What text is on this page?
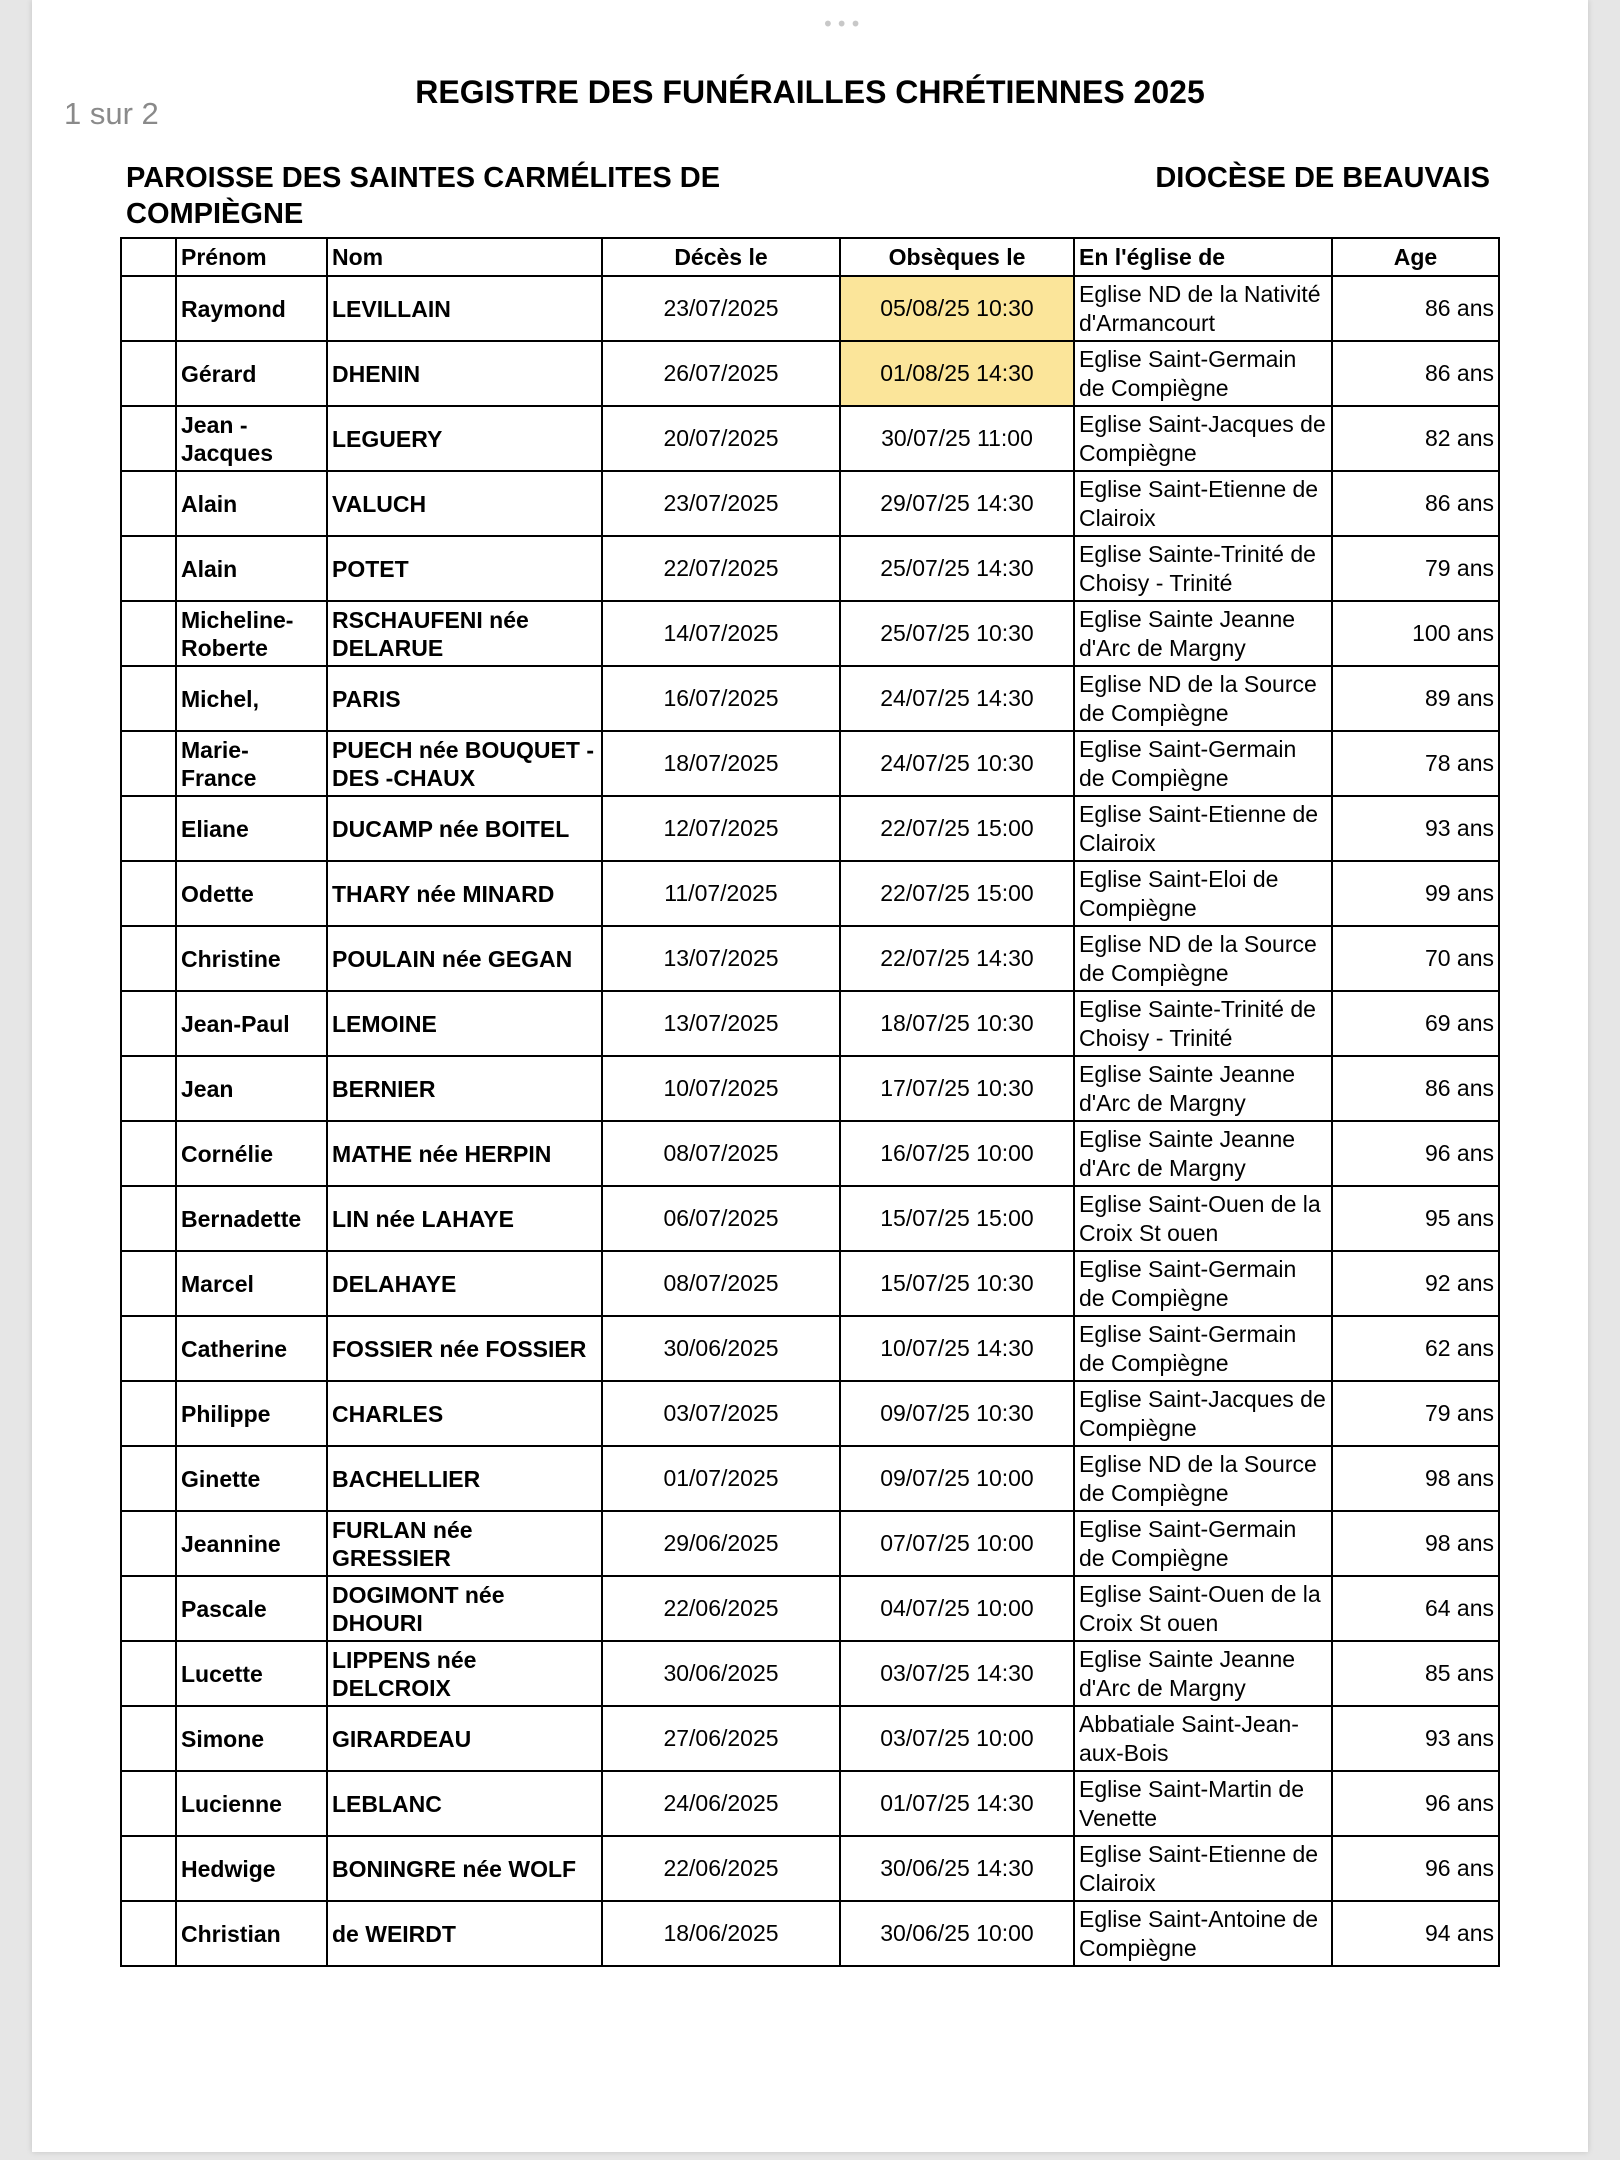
•••
1 sur 2
REGISTRE DES FUNÉRAILLES CHRÉTIENNES 2025
PAROISSE DES SAINTES CARMÉLITES DE COMPIÈGNE
DIOCÈSE DE BEAUVAIS
	Prénom	Nom	Décès le	Obsèques le	En l'église de	Age
	Raymond	LEVILLAIN	23/07/2025	05/08/25 10:30	Eglise ND de la Nativité d'Armancourt	86 ans
	Gérard	DHENIN	26/07/2025	01/08/25 14:30	Eglise Saint-Germain de Compiègne	86 ans
	Jean - Jacques	LEGUERY	20/07/2025	30/07/25 11:00	Eglise Saint-Jacques de Compiègne	82 ans
	Alain	VALUCH	23/07/2025	29/07/25 14:30	Eglise Saint-Etienne de Clairoix	86 ans
	Alain	POTET	22/07/2025	25/07/25 14:30	Eglise Sainte-Trinité de Choisy - Trinité	79 ans
	Micheline-Roberte	RSCHAUFENI née DELARUE	14/07/2025	25/07/25 10:30	Eglise Sainte Jeanne d'Arc de Margny	100 ans
	Michel,	PARIS	16/07/2025	24/07/25 14:30	Eglise ND de la Source de Compiègne	89 ans
	Marie-France	PUECH née BOUQUET -DES -CHAUX	18/07/2025	24/07/25 10:30	Eglise Saint-Germain de Compiègne	78 ans
	Eliane	DUCAMP née BOITEL	12/07/2025	22/07/25 15:00	Eglise Saint-Etienne de Clairoix	93 ans
	Odette	THARY née MINARD	11/07/2025	22/07/25 15:00	Eglise Saint-Eloi de Compiègne	99 ans
	Christine	POULAIN née GEGAN	13/07/2025	22/07/25 14:30	Eglise ND de la Source de Compiègne	70 ans
	Jean-Paul	LEMOINE	13/07/2025	18/07/25 10:30	Eglise Sainte-Trinité de Choisy - Trinité	69 ans
	Jean	BERNIER	10/07/2025	17/07/25 10:30	Eglise Sainte Jeanne d'Arc de Margny	86 ans
	Cornélie	MATHE née HERPIN	08/07/2025	16/07/25 10:00	Eglise Sainte Jeanne d'Arc de Margny	96 ans
	Bernadette	LIN née LAHAYE	06/07/2025	15/07/25 15:00	Eglise Saint-Ouen de la Croix St ouen	95 ans
	Marcel	DELAHAYE	08/07/2025	15/07/25 10:30	Eglise Saint-Germain de Compiègne	92 ans
	Catherine	FOSSIER née FOSSIER	30/06/2025	10/07/25 14:30	Eglise Saint-Germain de Compiègne	62 ans
	Philippe	CHARLES	03/07/2025	09/07/25 10:30	Eglise Saint-Jacques de Compiègne	79 ans
	Ginette	BACHELLIER	01/07/2025	09/07/25 10:00	Eglise ND de la Source de Compiègne	98 ans
	Jeannine	FURLAN née GRESSIER	29/06/2025	07/07/25 10:00	Eglise Saint-Germain de Compiègne	98 ans
	Pascale	DOGIMONT née DHOURI	22/06/2025	04/07/25 10:00	Eglise Saint-Ouen de la Croix St ouen	64 ans
	Lucette	LIPPENS née DELCROIX	30/06/2025	03/07/25 14:30	Eglise Sainte Jeanne d'Arc de Margny	85 ans
	Simone	GIRARDEAU	27/06/2025	03/07/25 10:00	Abbatiale Saint-Jean-aux-Bois	93 ans
	Lucienne	LEBLANC	24/06/2025	01/07/25 14:30	Eglise Saint-Martin de Venette	96 ans
	Hedwige	BONINGRE née WOLF	22/06/2025	30/06/25 14:30	Eglise Saint-Etienne de Clairoix	96 ans
	Christian	de WEIRDT	18/06/2025	30/06/25 10:00	Eglise Saint-Antoine de Compiègne	94 ans
